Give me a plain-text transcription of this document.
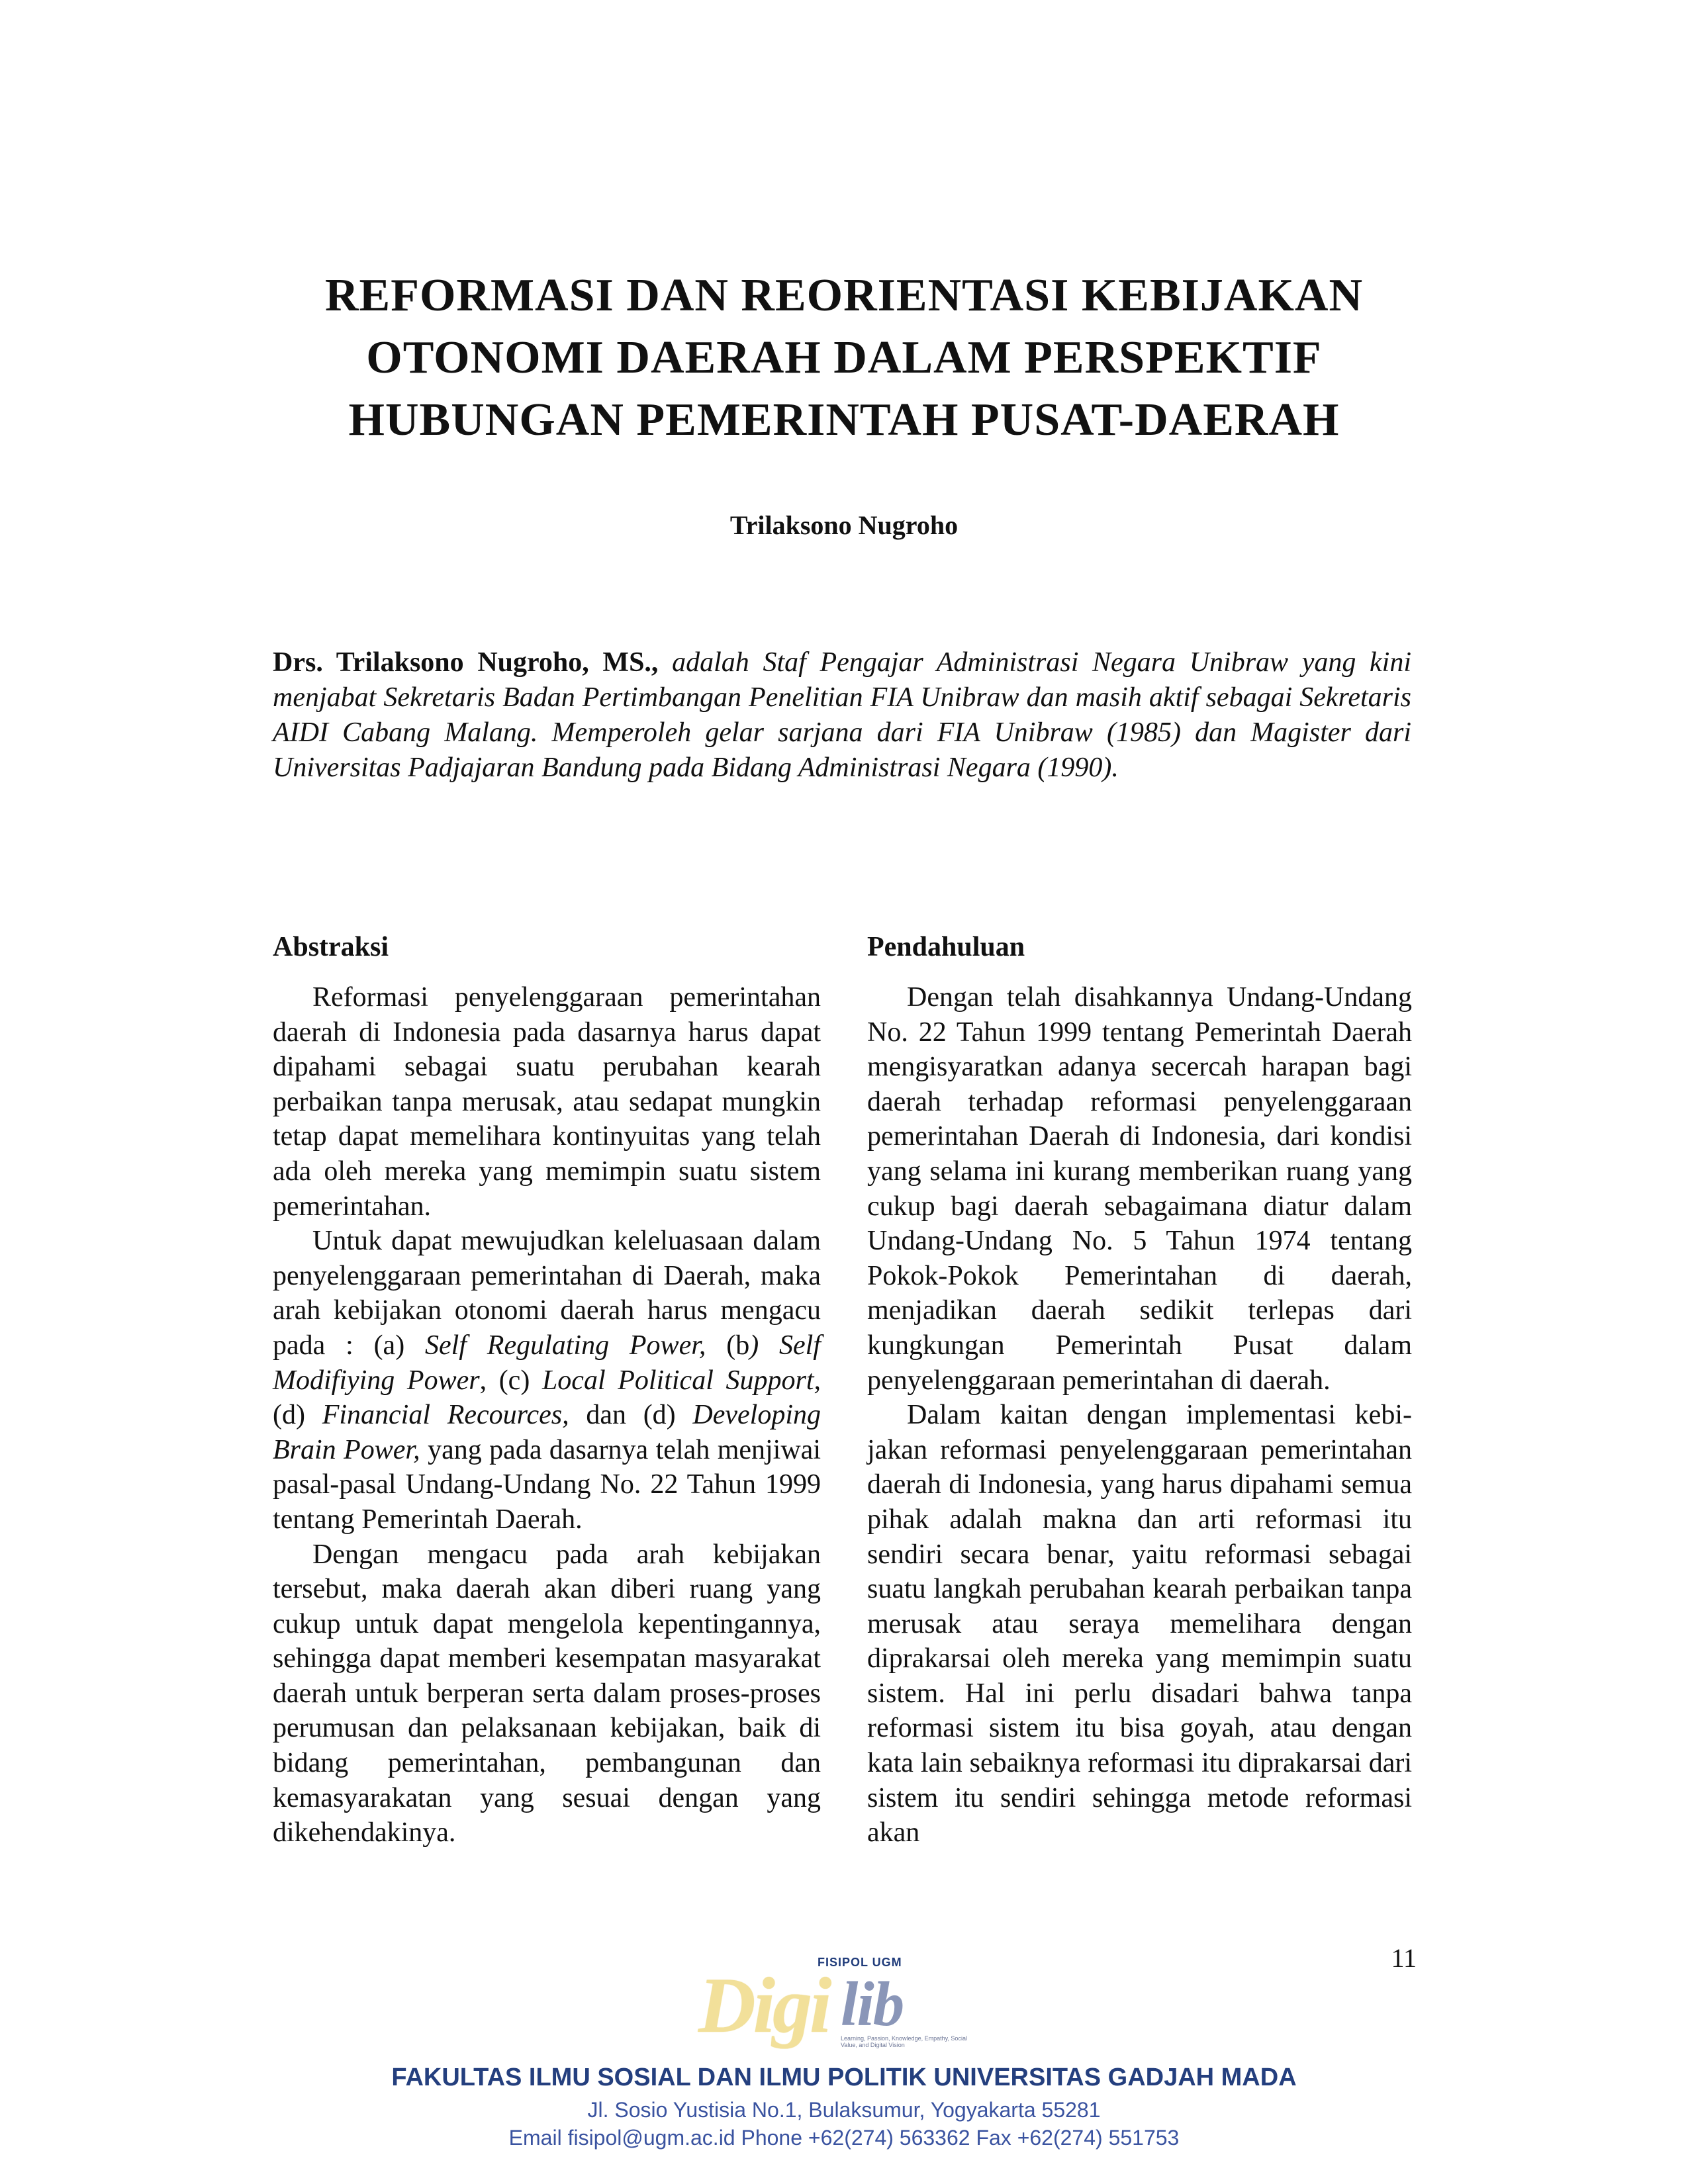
REFORMASI DAN REORIENTASI KEBIJAKAN
OTONOMI DAERAH DALAM PERSPEKTIF
HUBUNGAN PEMERINTAH PUSAT-DAERAH

Trilaksono Nugroho

Drs. Trilaksono Nugroho, MS., adalah Staf Pengajar Administrasi Negara Unibraw yang kini menjabat Sekretaris Badan Pertimbangan Penelitian FIA Unibraw dan masih aktif sebagai Sekretaris AIDI Cabang Malang. Memperoleh gelar sarjana dari FIA Unibraw (1985) dan Magister dari Universitas Padjajaran Bandung pada Bidang Administrasi Negara (1990).

Abstraksi

Reformasi penyelenggaraan pemerintahan daerah di Indonesia pada dasarnya harus dapat dipahami sebagai suatu perubahan kearah perbaikan tanpa merusak, atau sedapat mungkin tetap dapat memelihara kontinyuitas yang telah ada oleh mereka yang memimpin suatu sistem pemerintahan.

Untuk dapat mewujudkan keleluasaan dalam penyelenggaraan pemerintahan di Daerah, maka arah kebijakan otonomi daerah harus mengacu pada : (a) Self Regulating Power, (b) Self Modifiying Power, (c) Local Political Support, (d) Financial Recources, dan (d) Developing Brain Power, yang pada dasarnya telah menjiwai pasal-pasal Undang-Undang No. 22 Tahun 1999 tentang Pemerintah Daerah.

Dengan mengacu pada arah kebijakan tersebut, maka daerah akan diberi ruang yang cukup untuk dapat mengelola kepentingannya, sehingga dapat memberi kesempatan masyarakat daerah untuk berperan serta dalam proses-proses perumusan dan pelaksanaan kebijakan, baik di bidang pemerintahan, pembangunan dan kemasyarakatan yang sesuai dengan yang dikehendakinya.

Pendahuluan

Dengan telah disahkannya Undang-Undang No. 22 Tahun 1999 tentang Pemerintah Daerah mengisyaratkan adanya secercah harapan bagi daerah terhadap reformasi penyelenggaraan pemerintahan Daerah di Indonesia, dari kondisi yang selama ini kurang memberikan ruang yang cukup bagi daerah sebagaimana diatur dalam Undang-Undang No. 5 Tahun 1974 tentang Pokok-Pokok Pemerintahan di daerah, menjadikan daerah sedikit terlepas dari kungkungan Pemerintah Pusat dalam penyelenggaraan pemerintahan di daerah.

Dalam kaitan dengan implementasi kebijakan reformasi penyelenggaraan pemerintahan daerah di Indonesia, yang harus dipahami semua pihak adalah makna dan arti reformasi itu sendiri secara benar, yaitu reformasi sebagai suatu langkah perubahan kearah perbaikan tanpa merusak atau seraya memelihara dengan diprakarsai oleh mereka yang memimpin suatu sistem. Hal ini perlu disadari bahwa tanpa reformasi sistem itu bisa goyah, atau dengan kata lain sebaiknya reformasi itu diprakarsai dari sistem itu sendiri sehingga metode reformasi akan

11
FISIPOL UGM
Digi lib
Learning, Passion, Knowledge, Empathy, Social Value, and Digital Vision

FAKULTAS ILMU SOSIAL DAN ILMU POLITIK UNIVERSITAS GADJAH MADA

Jl. Sosio Yustisia No.1, Bulaksumur, Yogyakarta 55281

Email fisipol@ugm.ac.id Phone +62(274) 563362 Fax +62(274) 551753
